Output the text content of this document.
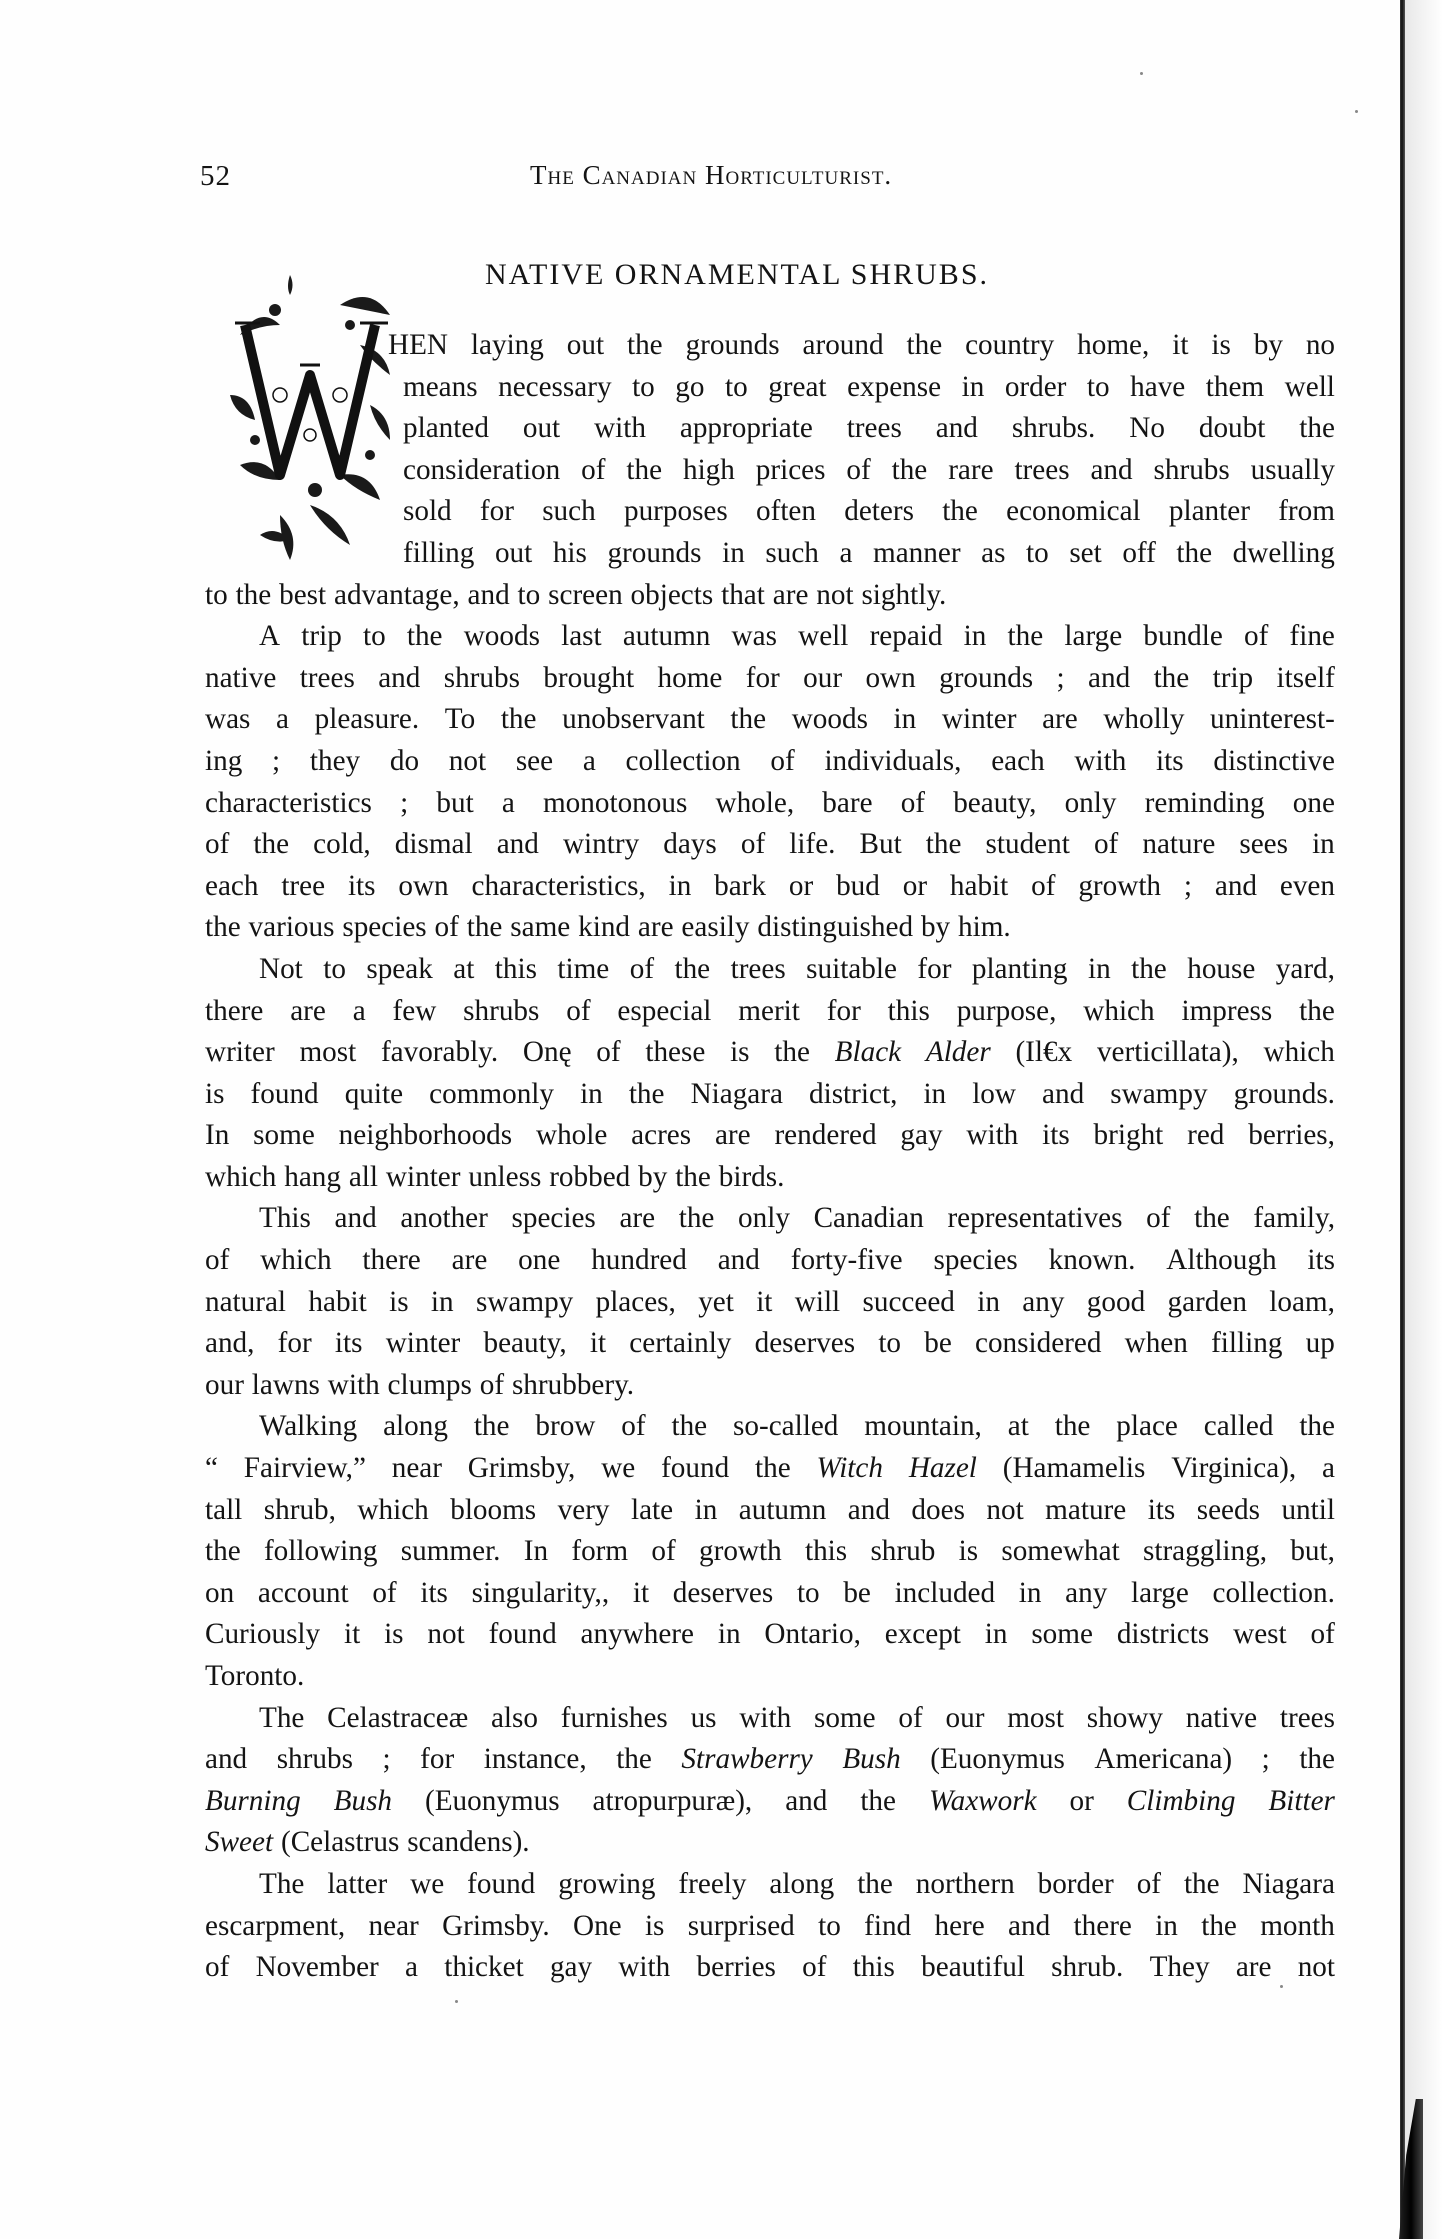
52	The Canadian Horticulturist.
NATIVE ORNAMENTAL SHRUBS.
HEN laying out the grounds around the country home, it is by no
means necessary to go to great expense in order to have them well
planted out with appropriate trees and shrubs. No doubt the
consideration of the high prices of the rare trees and shrubs usually
sold for such purposes often deters the economical planter from
filling out his grounds in such a manner as to set off the dwelling
to the best advantage, and to screen objects that are not sightly.
A trip to the woods last autumn was well repaid in the large bundle of fine
native trees and shrubs brought home for our own grounds ; and the trip itself
was a pleasure. To the unobservant the woods in winter are wholly uninterest-
ing ; they do not see a collection of individuals, each with its distinctive
characteristics ; but a monotonous whole, bare of beauty, only reminding one
of the cold, dismal and wintry days of life. But the student of nature sees in
each tree its own characteristics, in bark or bud or habit of growth ; and even
the various species of the same kind are easily distinguished by him.
Not to speak at this time of the trees suitable for planting in the house yard,
there are a few shrubs of especial merit for this purpose, which impress the
writer most favorably. Onę of these is the Black Alder (Il€x verticillata), which
is found quite commonly in the Niagara district, in low and swampy grounds.
In some neighborhoods whole acres are rendered gay with its bright red berries,
which hang all winter unless robbed by the birds.
This and another species are the only Canadian representatives of the family,
of which there are one hundred and forty-five species known. Although its
natural habit is in swampy places, yet it will succeed in any good garden loam,
and, for its winter beauty, it certainly deserves to be considered when filling up
our lawns with clumps of shrubbery.
Walking along the brow of the so-called mountain, at the place called the
“ Fairview,” near Grimsby, we found the Witch Hazel (Hamamelis Virginica), a
tall shrub, which blooms very late in autumn and does not mature its seeds until
the following summer. In form of growth this shrub is somewhat straggling, but,
on account of its singularity,, it deserves to be included in any large collection.
Curiously it is not found anywhere in Ontario, except in some districts west of
Toronto.
The Celastraceæ also furnishes us with some of our most showy native trees
and shrubs ; for instance, the Strawberry Bush (Euonymus Americana) ; the
Burning Bush (Euonymus atropurpuræ), and the Waxwork or Climbing Bitter
Sweet (Celastrus scandens).
The latter we found growing freely along the northern border of the Niagara
escarpment, near Grimsby. One is surprised to find here and there in the month
of November a thicket gay with berries of this beautiful shrub. They are not
